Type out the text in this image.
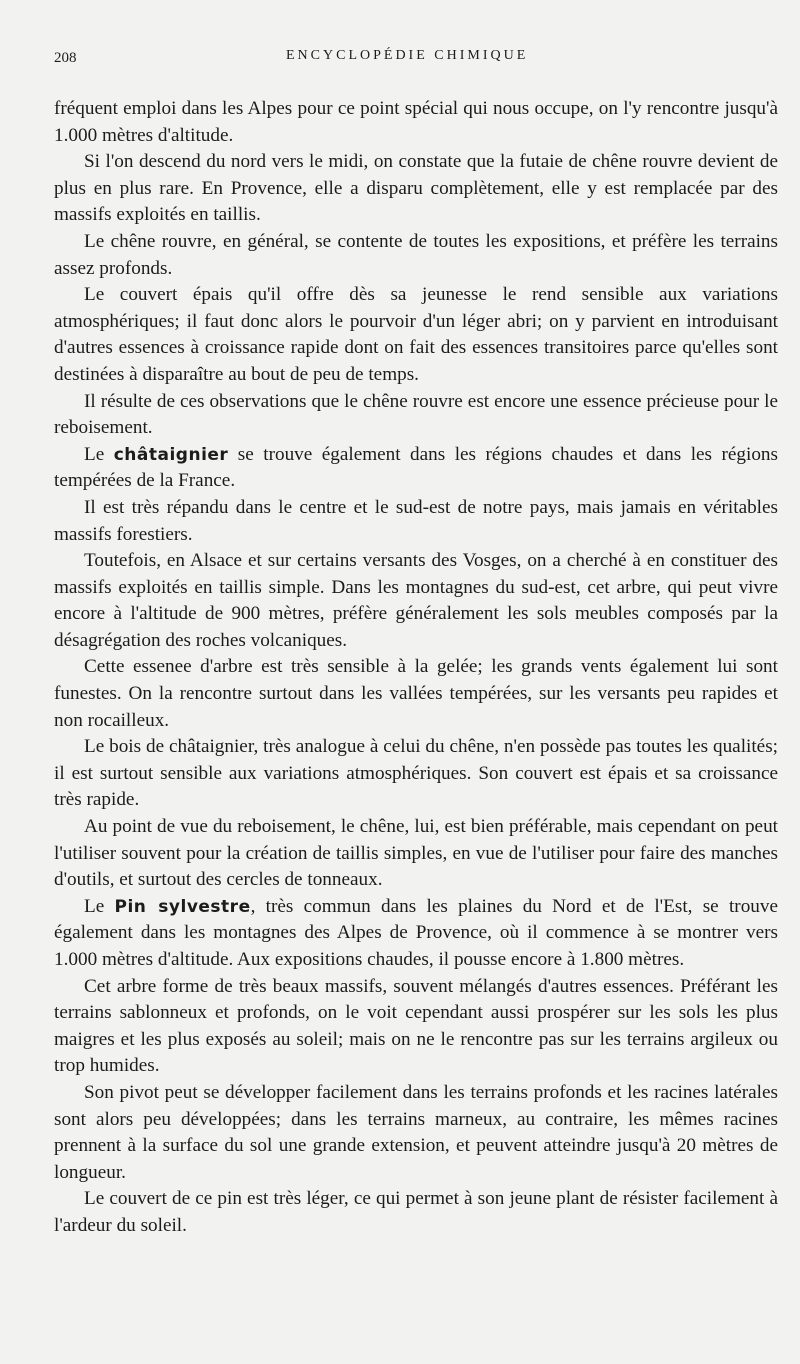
208	ENCYCLOPÉDIE CHIMIQUE

fréquent emploi dans les Alpes pour ce point spécial qui nous occupe, on l'y rencontre jusqu'à 1.000 mètres d'altitude.

Si l'on descend du nord vers le midi, on constate que la futaie de chêne rouvre devient de plus en plus rare. En Provence, elle a disparu complètement, elle y est remplacée par des massifs exploités en taillis.

Le chêne rouvre, en général, se contente de toutes les expositions, et préfère les terrains assez profonds.

Le couvert épais qu'il offre dès sa jeunesse le rend sensible aux variations atmosphériques; il faut donc alors le pourvoir d'un léger abri; on y parvient en introduisant d'autres essences à croissance rapide dont on fait des essences transitoires parce qu'elles sont destinées à disparaître au bout de peu de temps.

Il résulte de ces observations que le chêne rouvre est encore une essence précieuse pour le reboisement.

Le châtaignier se trouve également dans les régions chaudes et dans les régions tempérées de la France.

Il est très répandu dans le centre et le sud-est de notre pays, mais jamais en véritables massifs forestiers.

Toutefois, en Alsace et sur certains versants des Vosges, on a cherché à en constituer des massifs exploités en taillis simple. Dans les montagnes du sud-est, cet arbre, qui peut vivre encore à l'altitude de 900 mètres, préfère généralement les sols meubles composés par la désagrégation des roches volcaniques.

Cette essenee d'arbre est très sensible à la gelée; les grands vents également lui sont funestes. On la rencontre surtout dans les vallées tempérées, sur les versants peu rapides et non rocailleux.

Le bois de châtaignier, très analogue à celui du chêne, n'en possède pas toutes les qualités; il est surtout sensible aux variations atmosphériques. Son couvert est épais et sa croissance très rapide.

Au point de vue du reboisement, le chêne, lui, est bien préférable, mais cependant on peut l'utiliser souvent pour la création de taillis simples, en vue de l'utiliser pour faire des manches d'outils, et surtout des cercles de tonneaux.

Le Pin sylvestre, très commun dans les plaines du Nord et de l'Est, se trouve également dans les montagnes des Alpes de Provence, où il commence à se montrer vers 1.000 mètres d'altitude. Aux expositions chaudes, il pousse encore à 1.800 mètres.

Cet arbre forme de très beaux massifs, souvent mélangés d'autres essences. Préférant les terrains sablonneux et profonds, on le voit cependant aussi prospérer sur les sols les plus maigres et les plus exposés au soleil; mais on ne le rencontre pas sur les terrains argileux ou trop humides.

Son pivot peut se développer facilement dans les terrains profonds et les racines latérales sont alors peu développées; dans les terrains marneux, au contraire, les mêmes racines prennent à la surface du sol une grande extension, et peuvent atteindre jusqu'à 20 mètres de longueur.

Le couvert de ce pin est très léger, ce qui permet à son jeune plant de résister facilement à l'ardeur du soleil.
